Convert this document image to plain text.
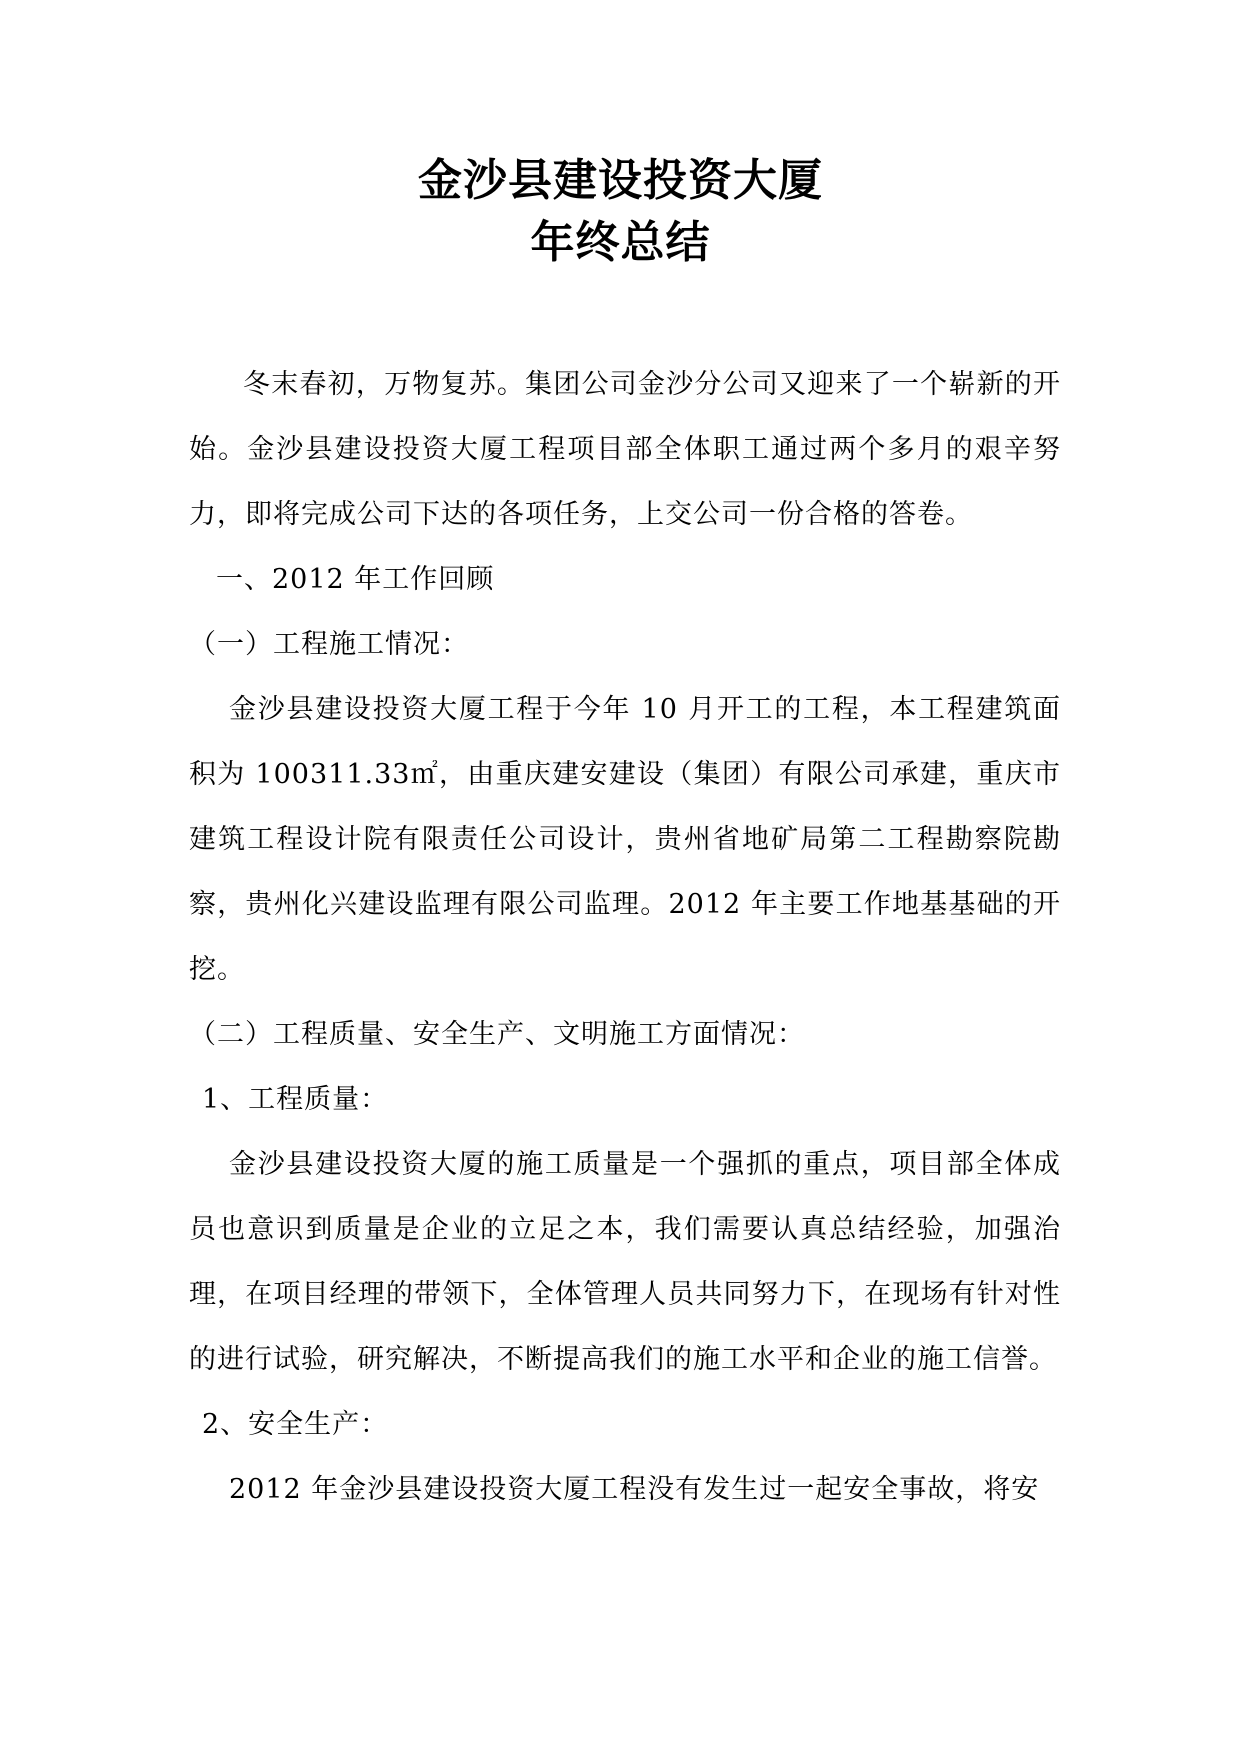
金沙县建设投资大厦
年终总结

冬末春初，万物复苏。集团公司金沙分公司又迎来了一个崭新的开始。金沙县建设投资大厦工程项目部全体职工通过两个多月的艰辛努力，即将完成公司下达的各项任务，上交公司一份合格的答卷。

一、2012 年工作回顾

（一）工程施工情况：

金沙县建设投资大厦工程于今年 10 月开工的工程，本工程建筑面积为 100311.33㎡，由重庆建安建设（集团）有限公司承建，重庆市建筑工程设计院有限责任公司设计，贵州省地矿局第二工程勘察院勘察，贵州化兴建设监理有限公司监理。2012 年主要工作地基基础的开挖。

（二）工程质量、安全生产、文明施工方面情况：

1、工程质量：

金沙县建设投资大厦的施工质量是一个强抓的重点，项目部全体成员也意识到质量是企业的立足之本，我们需要认真总结经验，加强治理，在项目经理的带领下，全体管理人员共同努力下，在现场有针对性的进行试验，研究解决，不断提高我们的施工水平和企业的施工信誉。

2、安全生产：

2012 年金沙县建设投资大厦工程没有发生过一起安全事故，将安
